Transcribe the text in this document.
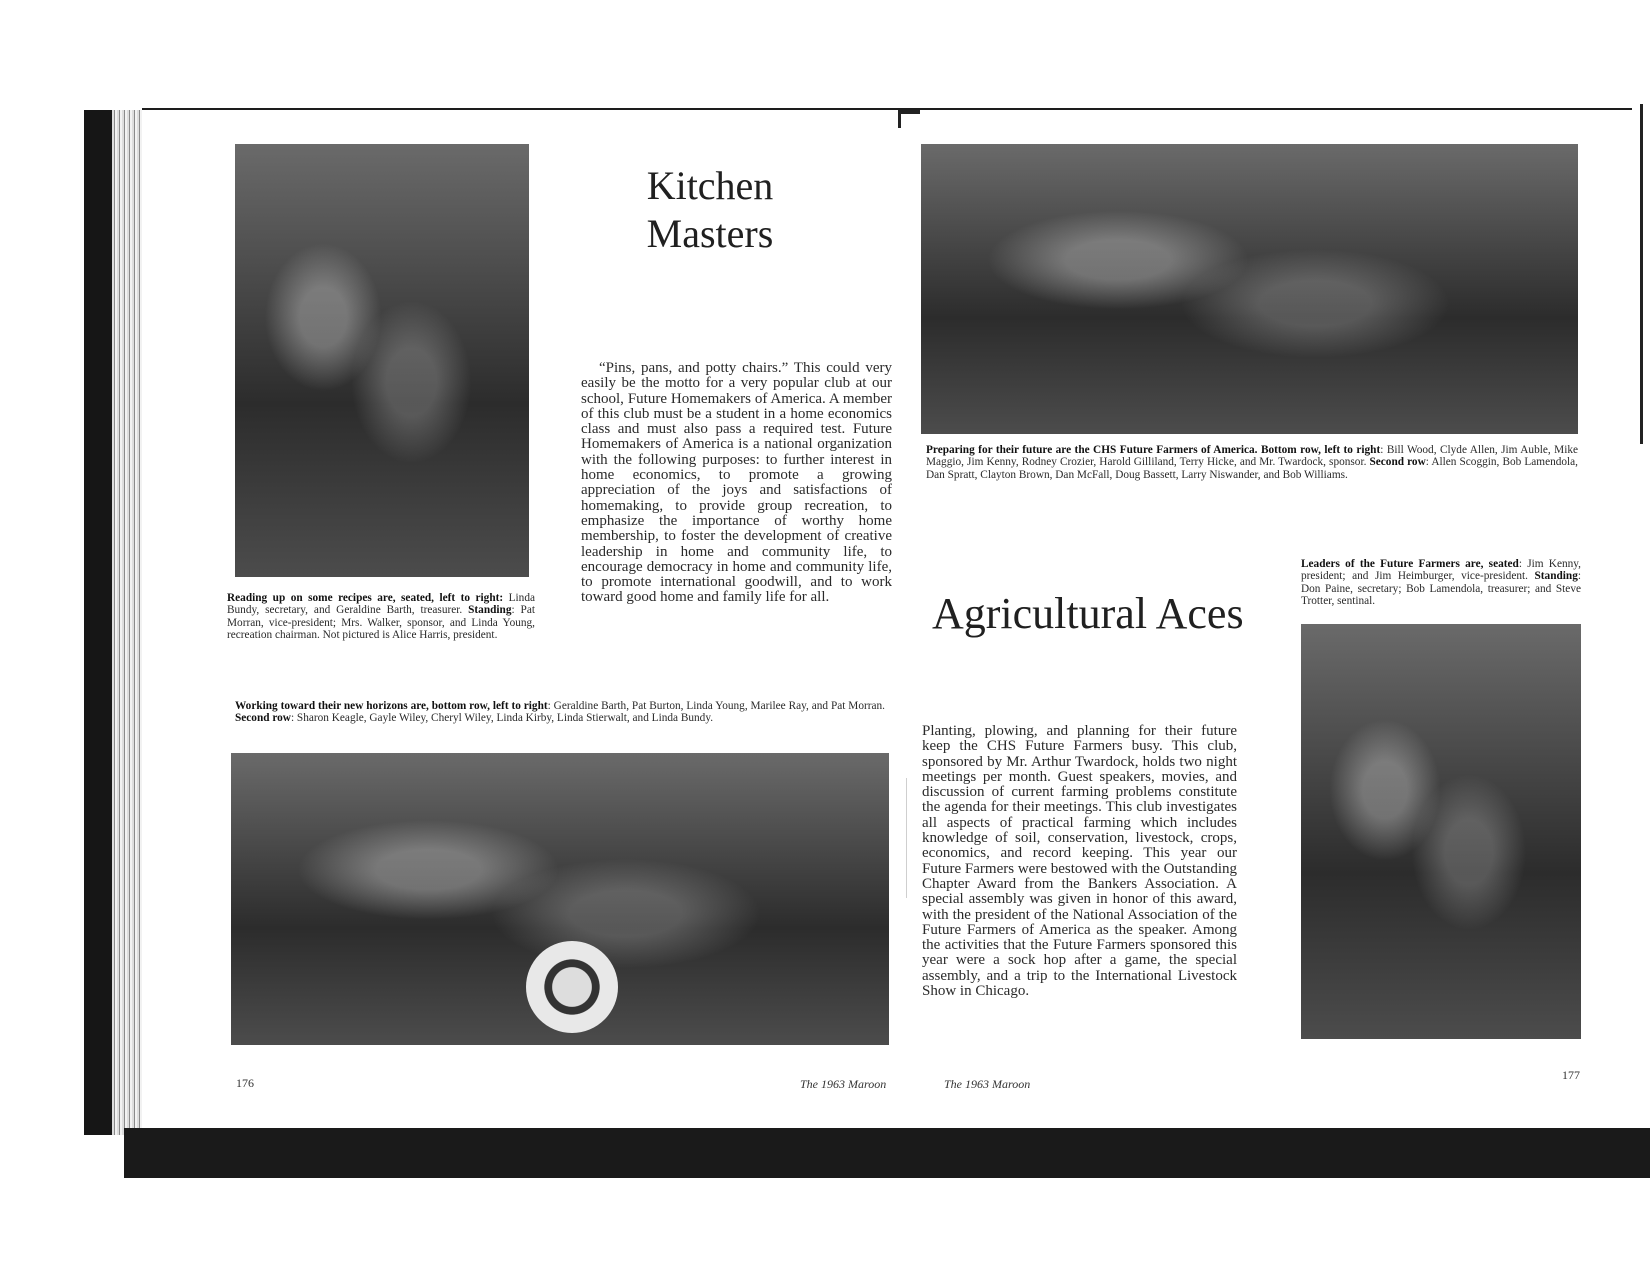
Kitchen
Masters
“Pins, pans, and potty chairs.” This could very easily be the motto for a very popular club at our school, Future Homemakers of America. A member of this club must be a student in a home economics class and must also pass a required test. Future Homemakers of America is a national organization with the following purposes: to further interest in home economics, to promote a growing appreciation of the joys and satisfactions of homemaking, to provide group recreation, to emphasize the importance of worthy home membership, to foster the development of creative leadership in home and community life, to encourage democracy in home and community life, to promote international goodwill, and to work toward good home and family life for all.
Reading up on some recipes are, seated, left to right: Linda Bundy, secretary, and Geraldine Barth, treasurer. Standing: Pat Morran, vice-president; Mrs. Walker, sponsor, and Linda Young, recreation chairman. Not pictured is Alice Harris, president.
Working toward their new horizons are, bottom row, left to right: Geraldine Barth, Pat Burton, Linda Young, Marilee Ray, and Pat Morran. Second row: Sharon Keagle, Gayle Wiley, Cheryl Wiley, Linda Kirby, Linda Stierwalt, and Linda Bundy.
176	The 1963 Maroon
Preparing for their future are the CHS Future Farmers of America. Bottom row, left to right: Bill Wood, Clyde Allen, Jim Auble, Mike Maggio, Jim Kenny, Rodney Crozier, Harold Gilliland, Terry Hicke, and Mr. Twardock, sponsor. Second row: Allen Scoggin, Bob Lamendola, Dan Spratt, Clayton Brown, Dan McFall, Doug Bassett, Larry Niswander, and Bob Williams.
Agricultural Aces
Leaders of the Future Farmers are, seated: Jim Kenny, president; and Jim Heimburger, vice-president. Standing: Don Paine, secretary; Bob Lamendola, treasurer; and Steve Trotter, sentinal.
Planting, plowing, and planning for their future keep the CHS Future Farmers busy. This club, sponsored by Mr. Arthur Twardock, holds two night meetings per month. Guest speakers, movies, and discussion of current farming problems constitute the agenda for their meetings. This club investigates all aspects of practical farming which includes knowledge of soil, conservation, livestock, crops, economics, and record keeping. This year our Future Farmers were bestowed with the Outstanding Chapter Award from the Bankers Association. A special assembly was given in honor of this award, with the president of the National Association of the Future Farmers of America as the speaker. Among the activities that the Future Farmers sponsored this year were a sock hop after a game, the special assembly, and a trip to the International Livestock Show in Chicago.
The 1963 Maroon
177
